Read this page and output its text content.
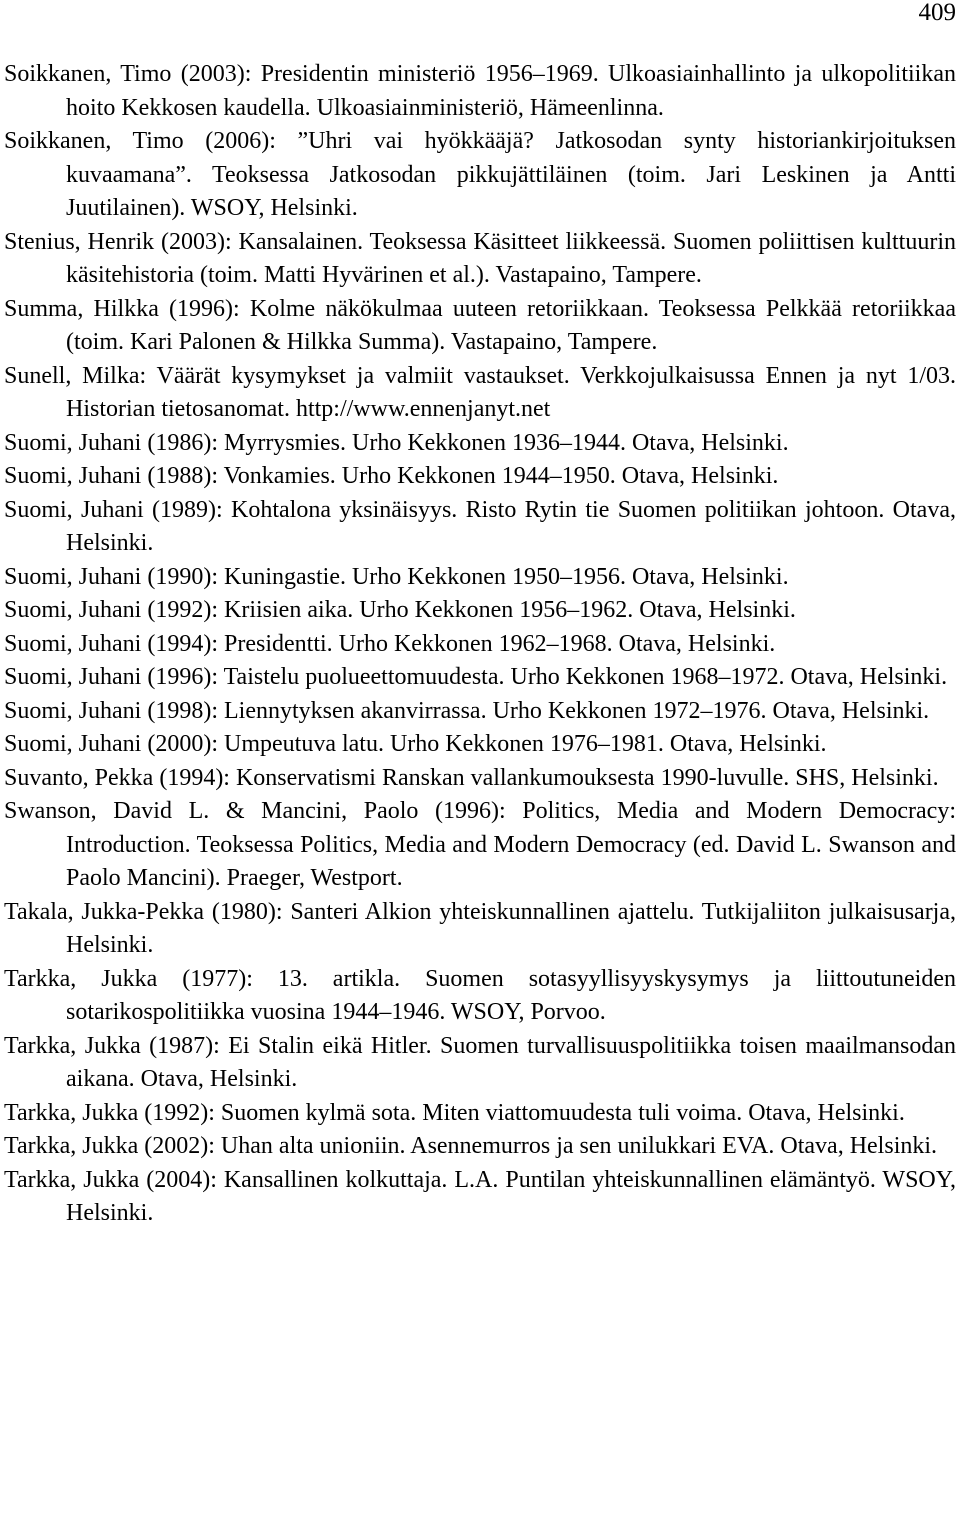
409
Soikkanen, Timo (2003): Presidentin ministeriö 1956–1969. Ulkoasiainhallinto ja ulkopolitiikan hoito Kekkosen kaudella. Ulkoasiainministeriö, Hämeenlinna.
Soikkanen, Timo (2006): ”Uhri vai hyökkääjä? Jatkosodan synty historiankirjoituksen kuvaamana”. Teoksessa Jatkosodan pikkujättiläinen (toim. Jari Leskinen ja Antti Juutilainen). WSOY, Helsinki.
Stenius, Henrik (2003): Kansalainen. Teoksessa Käsitteet liikkeessä. Suomen poliittisen kulttuurin käsitehistoria (toim. Matti Hyvärinen et al.). Vastapaino, Tampere.
Summa, Hilkka (1996): Kolme näkökulmaa uuteen retoriikkaan. Teoksessa Pelkkää retoriikkaa (toim. Kari Palonen & Hilkka Summa). Vastapaino, Tampere.
Sunell, Milka: Väärät kysymykset ja valmiit vastaukset. Verkkojulkaisussa Ennen ja nyt 1/03. Historian tietosanomat. http://www.ennenjanyt.net
Suomi, Juhani (1986): Myrrysmies. Urho Kekkonen 1936–1944. Otava, Helsinki.
Suomi, Juhani (1988): Vonkamies. Urho Kekkonen 1944–1950. Otava, Helsinki.
Suomi, Juhani (1989): Kohtalona yksinäisyys. Risto Rytin tie Suomen politiikan johtoon. Otava, Helsinki.
Suomi, Juhani (1990): Kuningastie. Urho Kekkonen 1950–1956. Otava, Helsinki.
Suomi, Juhani (1992): Kriisien aika. Urho Kekkonen 1956–1962. Otava, Helsinki.
Suomi, Juhani (1994): Presidentti. Urho Kekkonen 1962–1968. Otava, Helsinki.
Suomi, Juhani (1996): Taistelu puolueettomuudesta. Urho Kekkonen 1968–1972. Otava, Helsinki.
Suomi, Juhani (1998): Liennytyksen akanvirrassa. Urho Kekkonen 1972–1976. Otava, Helsinki.
Suomi, Juhani (2000): Umpeutuva latu. Urho Kekkonen 1976–1981. Otava, Helsinki.
Suvanto, Pekka (1994): Konservatismi Ranskan vallankumouksesta 1990-luvulle. SHS, Helsinki.
Swanson, David L. & Mancini, Paolo (1996): Politics, Media and Modern Democracy: Introduction. Teoksessa Politics, Media and Modern Democracy (ed. David L. Swanson and Paolo Mancini). Praeger, Westport.
Takala, Jukka-Pekka (1980): Santeri Alkion yhteiskunnallinen ajattelu. Tutkijaliiton julkaisusarja, Helsinki.
Tarkka, Jukka (1977): 13. artikla. Suomen sotasyyllisyyskysymys ja liittoutuneiden sotarikospolitiikka vuosina 1944–1946. WSOY, Porvoo.
Tarkka, Jukka (1987): Ei Stalin eikä Hitler. Suomen turvallisuuspolitiikka toisen maailmansodan aikana. Otava, Helsinki.
Tarkka, Jukka (1992): Suomen kylmä sota. Miten viattomuudesta tuli voima. Otava, Helsinki.
Tarkka, Jukka (2002): Uhan alta unioniin. Asennemurros ja sen unilukkari EVA. Otava, Helsinki.
Tarkka, Jukka (2004): Kansallinen kolkuttaja. L.A. Puntilan yhteiskunnallinen elämäntyö. WSOY, Helsinki.
